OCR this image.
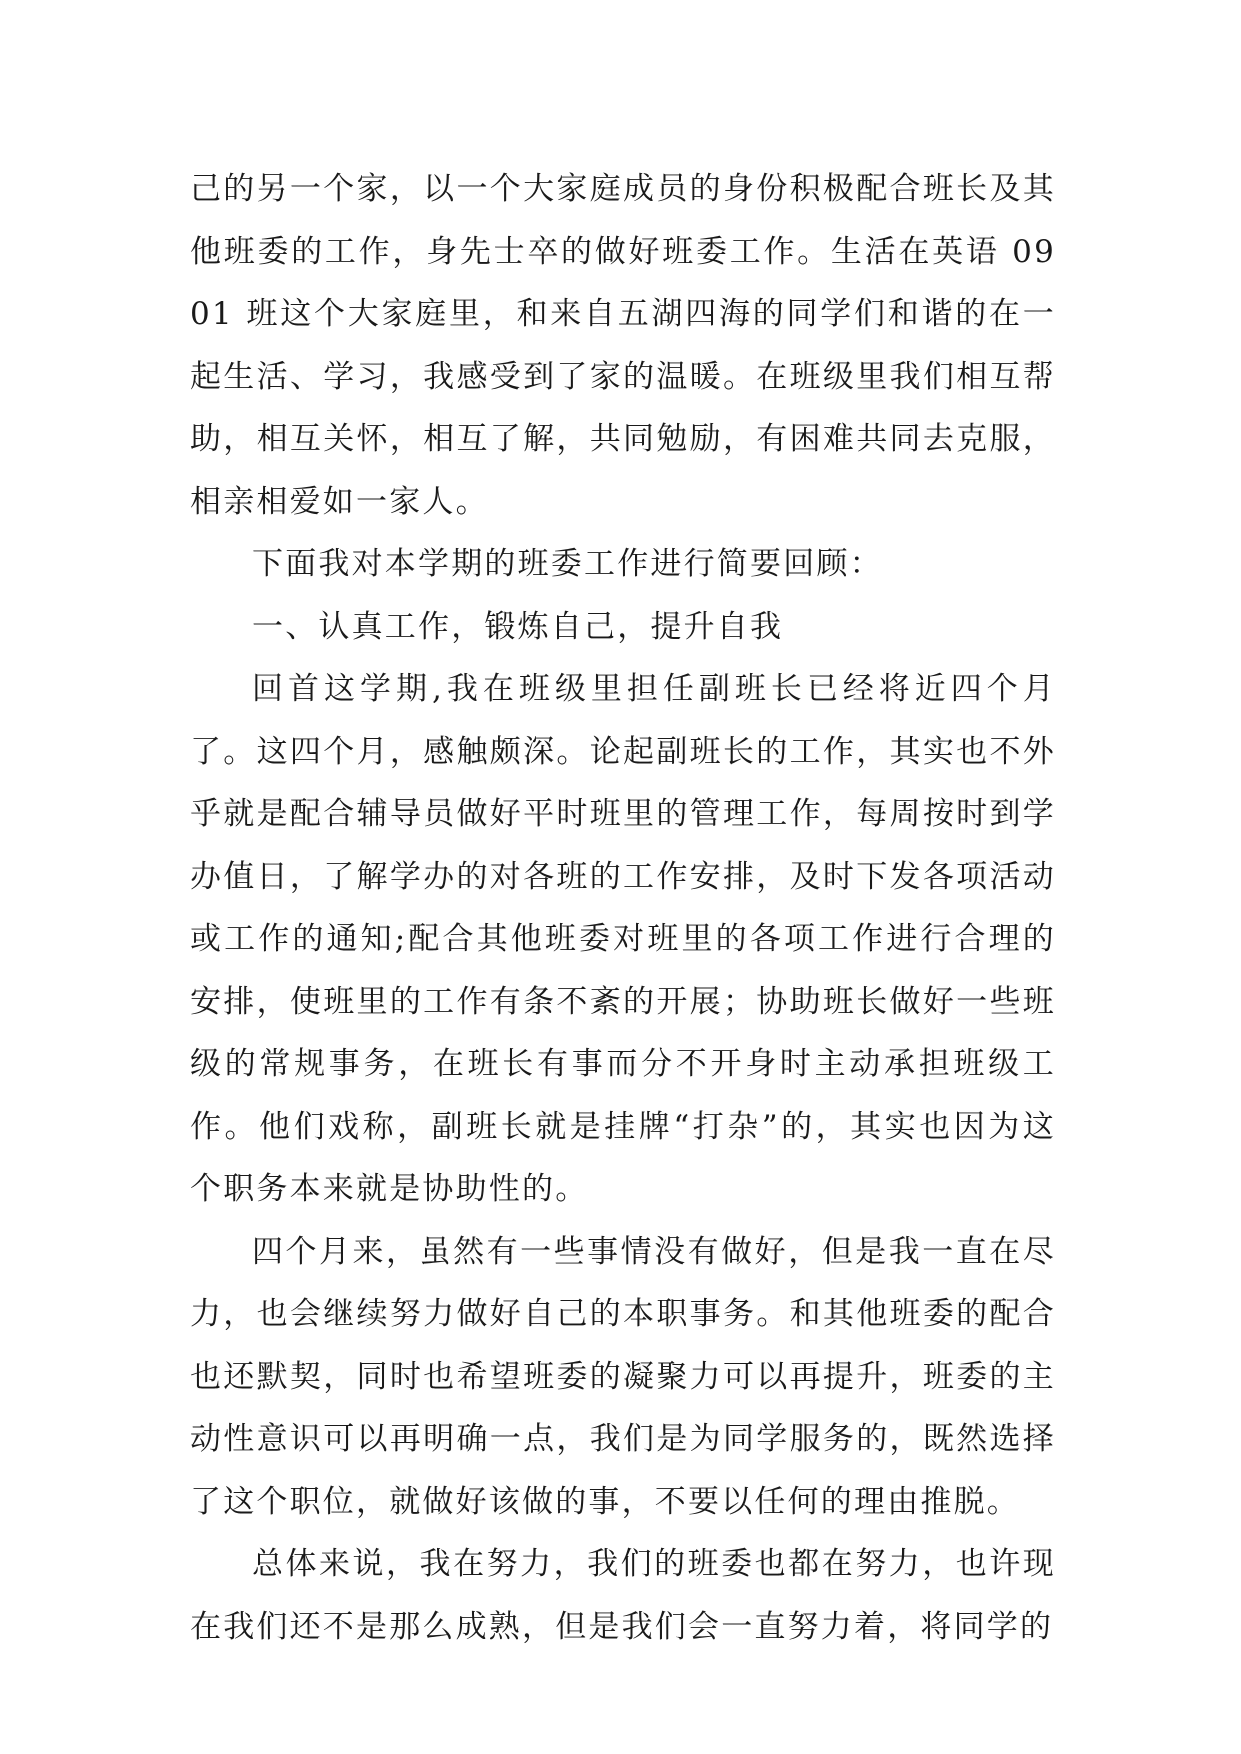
己的另一个家，以一个大家庭成员的身份积极配合班长及其他班委的工作，身先士卒的做好班委工作。生活在英语 0901 班这个大家庭里，和来自五湖四海的同学们和谐的在一起生活、学习，我感受到了家的温暖。在班级里我们相互帮助，相互关怀，相互了解，共同勉励，有困难共同去克服，相亲相爱如一家人。

下面我对本学期的班委工作进行简要回顾：

一、认真工作，锻炼自己，提升自我

回首这学期,我在班级里担任副班长已经将近四个月了。这四个月，感触颇深。论起副班长的工作，其实也不外乎就是配合辅导员做好平时班里的管理工作，每周按时到学办值日，了解学办的对各班的工作安排，及时下发各项活动或工作的通知;配合其他班委对班里的各项工作进行合理的安排，使班里的工作有条不紊的开展；协助班长做好一些班级的常规事务，在班长有事而分不开身时主动承担班级工作。他们戏称，副班长就是挂牌“打杂”的，其实也因为这个职务本来就是协助性的。

四个月来，虽然有一些事情没有做好，但是我一直在尽力，也会继续努力做好自己的本职事务。和其他班委的配合也还默契，同时也希望班委的凝聚力可以再提升，班委的主动性意识可以再明确一点，我们是为同学服务的，既然选择了这个职位，就做好该做的事，不要以任何的理由推脱。

总体来说，我在努力，我们的班委也都在努力，也许现在我们还不是那么成熟，但是我们会一直努力着，将同学的
